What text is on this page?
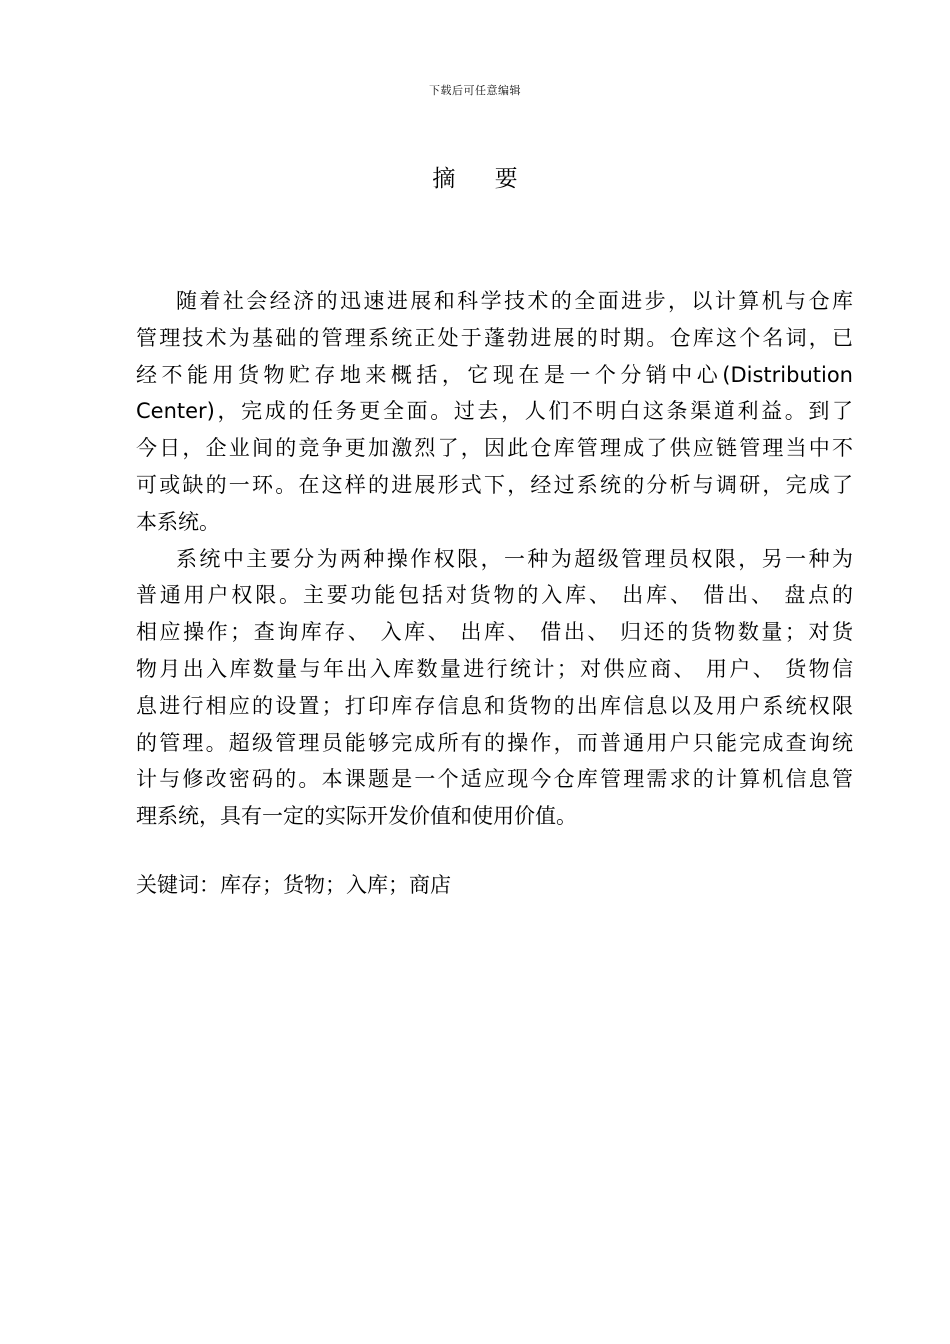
下载后可任意编辑
摘 要
随着社会经济的迅速进展和科学技术的全面进步，以计算机与仓库
管理技术为基础的管理系统正处于蓬勃进展的时期。仓库这个名词，已
经不能用货物贮存地来概括，它现在是一个分销中心(Distribution
Center)，完成的任务更全面。过去，人们不明白这条渠道利益。到了
今日，企业间的竞争更加激烈了，因此仓库管理成了供应链管理当中不
可或缺的一环。在这样的进展形式下，经过系统的分析与调研，完成了
本系统。
系统中主要分为两种操作权限，一种为超级管理员权限，另一种为
普通用户权限。主要功能包括对货物的入库、 出库、 借出、 盘点的
相应操作；查询库存、 入库、 出库、 借出、 归还的货物数量；对货
物月出入库数量与年出入库数量进行统计；对供应商、 用户、 货物信
息进行相应的设置；打印库存信息和货物的出库信息以及用户系统权限
的管理。超级管理员能够完成所有的操作，而普通用户只能完成查询统
计与修改密码的。本课题是一个适应现今仓库管理需求的计算机信息管
理系统，具有一定的实际开发价值和使用价值。
关键词：库存；货物；入库；商店
